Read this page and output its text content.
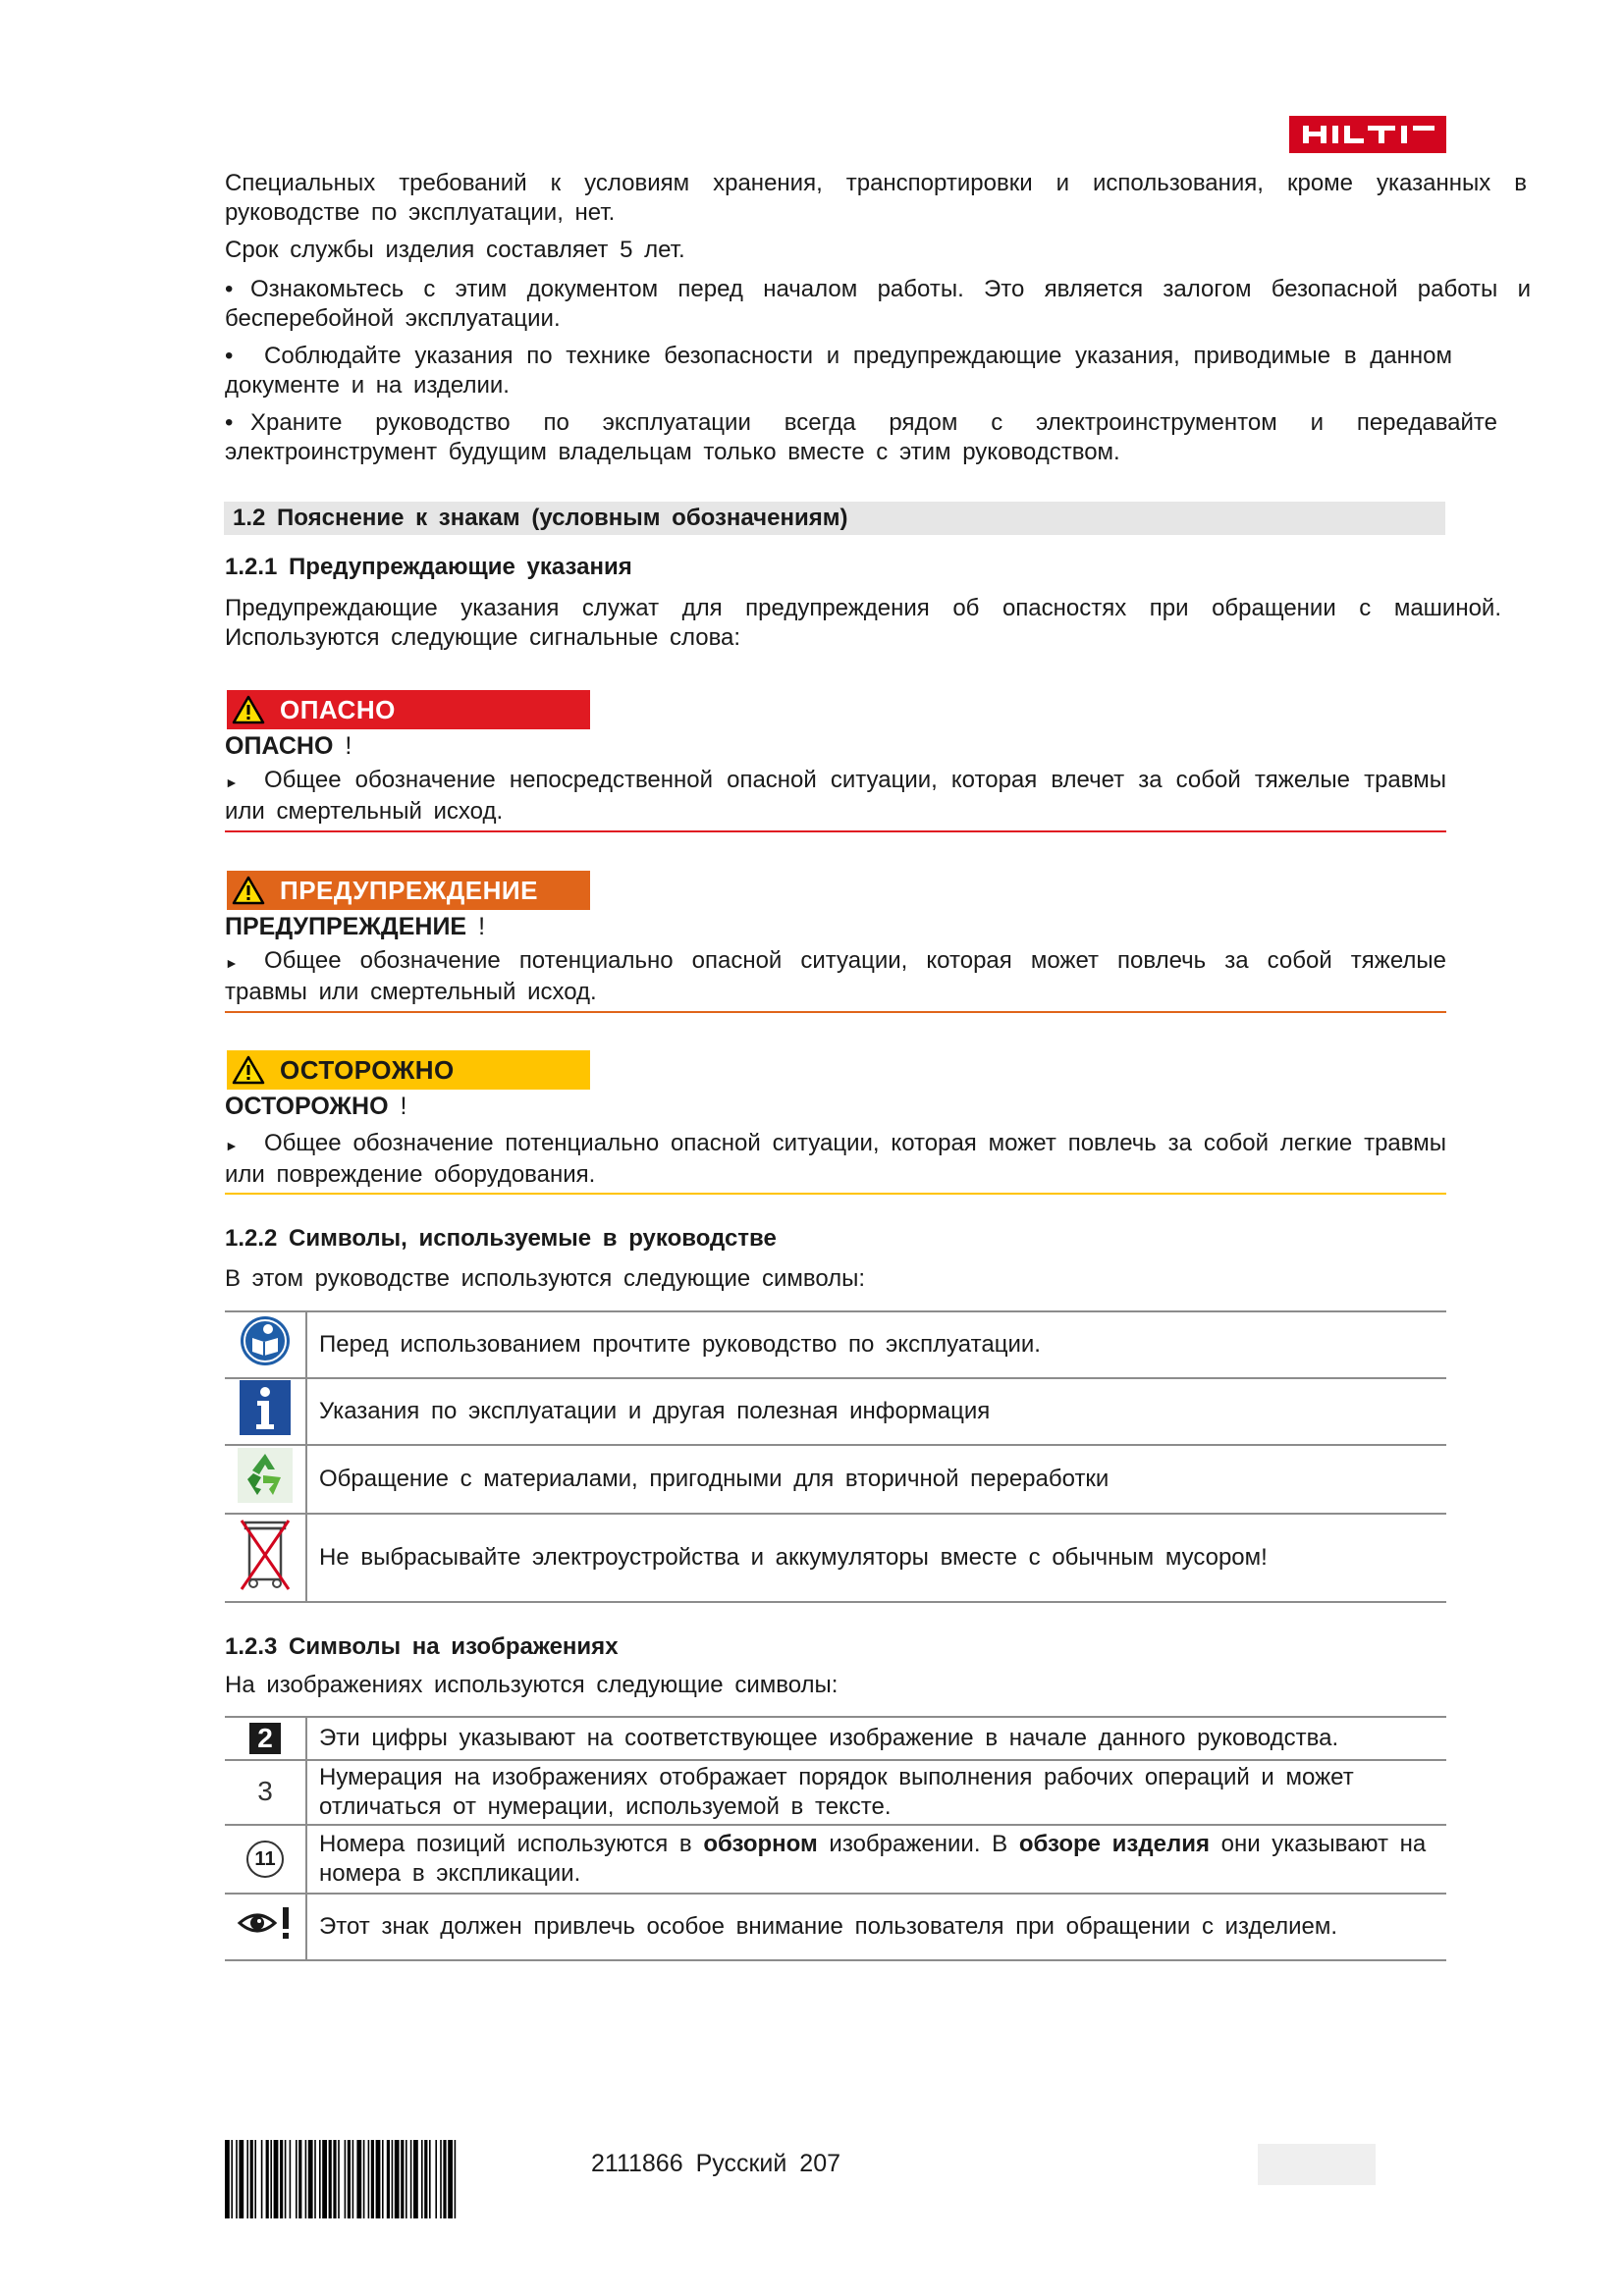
Специальных требований к условиям хранения, транспортировки и использования, кроме указанных в руководстве по эксплуатации, нет.
Срок службы изделия составляет 5 лет.
• Ознакомьтесь с этим документом перед началом работы. Это является залогом безопасной работы и бесперебойной эксплуатации.
• Соблюдайте указания по технике безопасности и предупреждающие указания, приводимые в данном документе и на изделии.
• Храните руководство по эксплуатации всегда рядом с электроинструментом и передавайте электроинструмент будущим владельцам только вместе с этим руководством.
1.2 Пояснение к знакам (условным обозначениям)
1.2.1 Предупреждающие указания
Предупреждающие указания служат для предупреждения об опасностях при обращении с машиной. Используются следующие сигнальные слова:
ОПАСНО
ОПАСНО !
► Общее обозначение непосредственной опасной ситуации, которая влечет за собой тяжелые травмы или смертельный исход.
ПРЕДУПРЕЖДЕНИЕ
ПРЕДУПРЕЖДЕНИЕ !
► Общее обозначение потенциально опасной ситуации, которая может повлечь за собой тяжелые травмы или смертельный исход.
ОСТОРОЖНО
ОСТОРОЖНО !
► Общее обозначение потенциально опасной ситуации, которая может повлечь за собой легкие травмы или повреждение оборудования.
1.2.2 Символы, используемые в руководстве
В этом руководстве используются следующие символы:
	Перед использованием прочтите руководство по эксплуатации.
	Указания по эксплуатации и другая полезная информация
	Обращение с материалами, пригодными для вторичной переработки
	Не выбрасывайте электроустройства и аккумуляторы вместе с обычным мусором!
1.2.3 Символы на изображениях
На изображениях используются следующие символы:
2	Эти цифры указывают на соответствующее изображение в начале данного руководства.
3	Нумерация на изображениях отображает порядок выполнения рабочих операций и может отличаться от нумерации, используемой в тексте.
11	Номера позиций используются в обзорном изображении. В обзоре изделия они указывают на номера в экспликации.
	Этот знак должен привлечь особое внимание пользователя при обращении с изделием.
2111866 Русский 207
